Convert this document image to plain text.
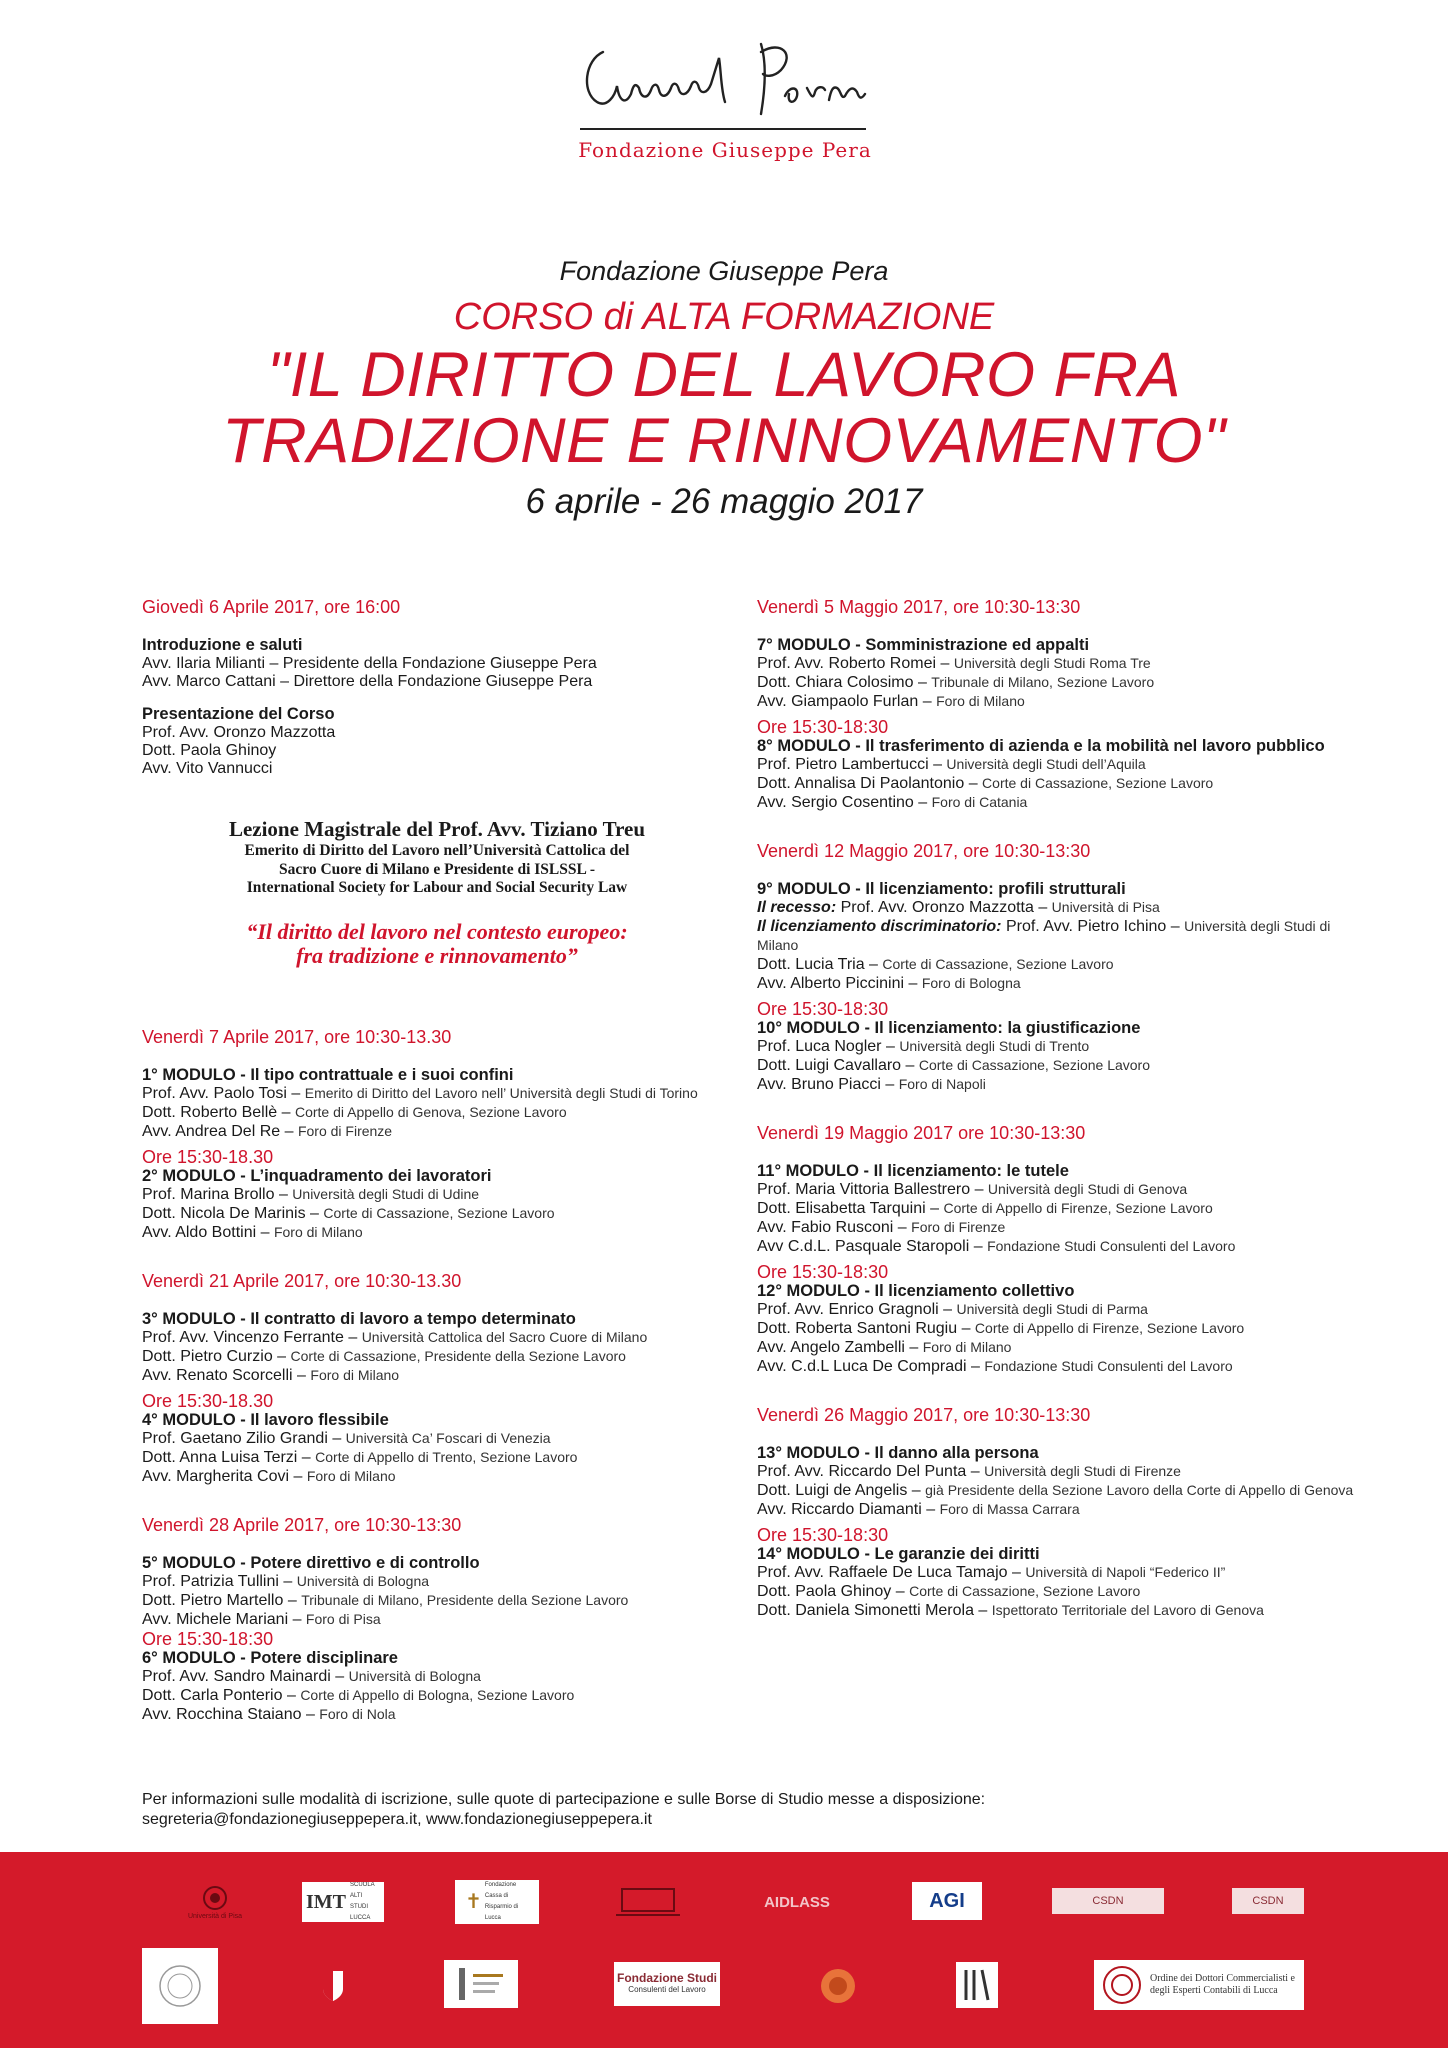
Fondazione Giuseppe Pera

Fondazione Giuseppe Pera

CORSO di ALTA FORMAZIONE

"IL DIRITTO DEL LAVORO FRA

TRADIZIONE E RINNOVAMENTO"

6 aprile - 26 maggio 2017

Giovedì 6 Aprile 2017, ore 16:00

Introduzione e saluti

Avv. Ilaria Milianti – Presidente della Fondazione Giuseppe Pera

Avv. Marco Cattani – Direttore della Fondazione Giuseppe Pera

Presentazione del Corso

Prof. Avv. Oronzo Mazzotta

Dott. Paola Ghinoy

Avv. Vito Vannucci

Lezione Magistrale del Prof. Avv. Tiziano Treu

Emerito di Diritto del Lavoro nell’Università Cattolica del

Sacro Cuore di Milano e Presidente di ISLSSL -

International Society for Labour and Social Security Law

“Il diritto del lavoro nel contesto europeo:

fra tradizione e rinnovamento”

Venerdì 7 Aprile 2017, ore 10:30-13.30

1° MODULO - Il tipo contrattuale e i suoi confini

Prof. Avv. Paolo Tosi – Emerito di Diritto del Lavoro nell’ Università degli Studi di Torino

Dott. Roberto Bellè – Corte di Appello di Genova, Sezione Lavoro

Avv. Andrea Del Re – Foro di Firenze

Ore 15:30-18.30

2° MODULO - L’inquadramento dei lavoratori

Prof. Marina Brollo – Università degli Studi di Udine

Dott. Nicola De Marinis – Corte di Cassazione, Sezione Lavoro

Avv. Aldo Bottini – Foro di Milano

Venerdì 21 Aprile 2017, ore 10:30-13.30

3° MODULO - Il contratto di lavoro a tempo determinato

Prof. Avv. Vincenzo Ferrante – Università Cattolica del Sacro Cuore di Milano

Dott. Pietro Curzio – Corte di Cassazione, Presidente della Sezione Lavoro

Avv. Renato Scorcelli – Foro di Milano

Ore 15:30-18.30

4° MODULO - Il lavoro flessibile

Prof. Gaetano Zilio Grandi – Università Ca’ Foscari di Venezia

Dott. Anna Luisa Terzi – Corte di Appello di Trento, Sezione Lavoro

Avv. Margherita Covi – Foro di Milano

Venerdì 28 Aprile 2017, ore 10:30-13:30

5° MODULO - Potere direttivo e di controllo

Prof. Patrizia Tullini – Università di Bologna

Dott. Pietro Martello – Tribunale di Milano, Presidente della Sezione Lavoro

Avv. Michele Mariani – Foro di Pisa

Ore 15:30-18:30

6° MODULO - Potere disciplinare

Prof. Avv. Sandro Mainardi – Università di Bologna

Dott. Carla Ponterio – Corte di Appello di Bologna, Sezione Lavoro

Avv. Rocchina Staiano – Foro di Nola

Venerdì 5 Maggio 2017, ore 10:30-13:30

7° MODULO - Somministrazione ed appalti

Prof. Avv. Roberto Romei – Università degli Studi Roma Tre

Dott. Chiara Colosimo – Tribunale di Milano, Sezione Lavoro

Avv. Giampaolo Furlan – Foro di Milano

Ore 15:30-18:30

8° MODULO - Il trasferimento di azienda e la mobilità nel lavoro pubblico

Prof. Pietro Lambertucci – Università degli Studi dell’Aquila

Dott. Annalisa Di Paolantonio – Corte di Cassazione, Sezione Lavoro

Avv. Sergio Cosentino – Foro di Catania

Venerdì 12 Maggio 2017, ore 10:30-13:30

9° MODULO - Il licenziamento: profili strutturali

Il recesso: Prof. Avv. Oronzo Mazzotta – Università di Pisa

Il licenziamento discriminatorio: Prof. Avv. Pietro Ichino – Università degli Studi di Milano

Dott. Lucia Tria – Corte di Cassazione, Sezione Lavoro

Avv. Alberto Piccinini – Foro di Bologna

Ore 15:30-18:30

10° MODULO - Il licenziamento: la giustificazione

Prof. Luca Nogler – Università degli Studi di Trento

Dott. Luigi Cavallaro – Corte di Cassazione, Sezione Lavoro

Avv. Bruno Piacci – Foro di Napoli

Venerdì 19 Maggio 2017 ore 10:30-13:30

11° MODULO - Il licenziamento: le tutele

Prof. Maria Vittoria Ballestrero – Università degli Studi di Genova

Dott. Elisabetta Tarquini – Corte di Appello di Firenze, Sezione Lavoro

Avv. Fabio Rusconi – Foro di Firenze

Avv C.d.L. Pasquale Staropoli – Fondazione Studi Consulenti del Lavoro

Ore 15:30-18:30

12° MODULO - Il licenziamento collettivo

Prof. Avv. Enrico Gragnoli – Università degli Studi di Parma

Dott. Roberta Santoni Rugiu – Corte di Appello di Firenze, Sezione Lavoro

Avv. Angelo Zambelli – Foro di Milano

Avv. C.d.L Luca De Compradi – Fondazione Studi Consulenti del Lavoro

Venerdì 26 Maggio 2017, ore 10:30-13:30

13° MODULO - Il danno alla persona

Prof. Avv. Riccardo Del Punta – Università degli Studi di Firenze

Dott. Luigi de Angelis – già Presidente della Sezione Lavoro della Corte di Appello di Genova

Avv. Riccardo Diamanti – Foro di Massa Carrara

Ore 15:30-18:30

14° MODULO - Le garanzie dei diritti

Prof. Avv. Raffaele De Luca Tamajo – Università di Napoli “Federico II”

Dott. Paola Ghinoy – Corte di Cassazione, Sezione Lavoro

Dott. Daniela Simonetti Merola – Ispettorato Territoriale del Lavoro di Genova

Per informazioni sulle modalità di iscrizione, sulle quote di partecipazione e sulle Borse di Studio messe a disposizione:

segreteria@fondazionegiuseppepera.it, www.fondazionegiuseppepera.it

Università di Pisa
IMT
SCUOLA ALTI STUDI LUCCA
✝
Fondazione Cassa di Risparmio di Lucca
AIDLASS	AGI	CSDN	CSDN
Fondazione Studi
Consulenti del Lavoro
Ordine dei Dottori Commercialisti e degli Esperti Contabili di Lucca
